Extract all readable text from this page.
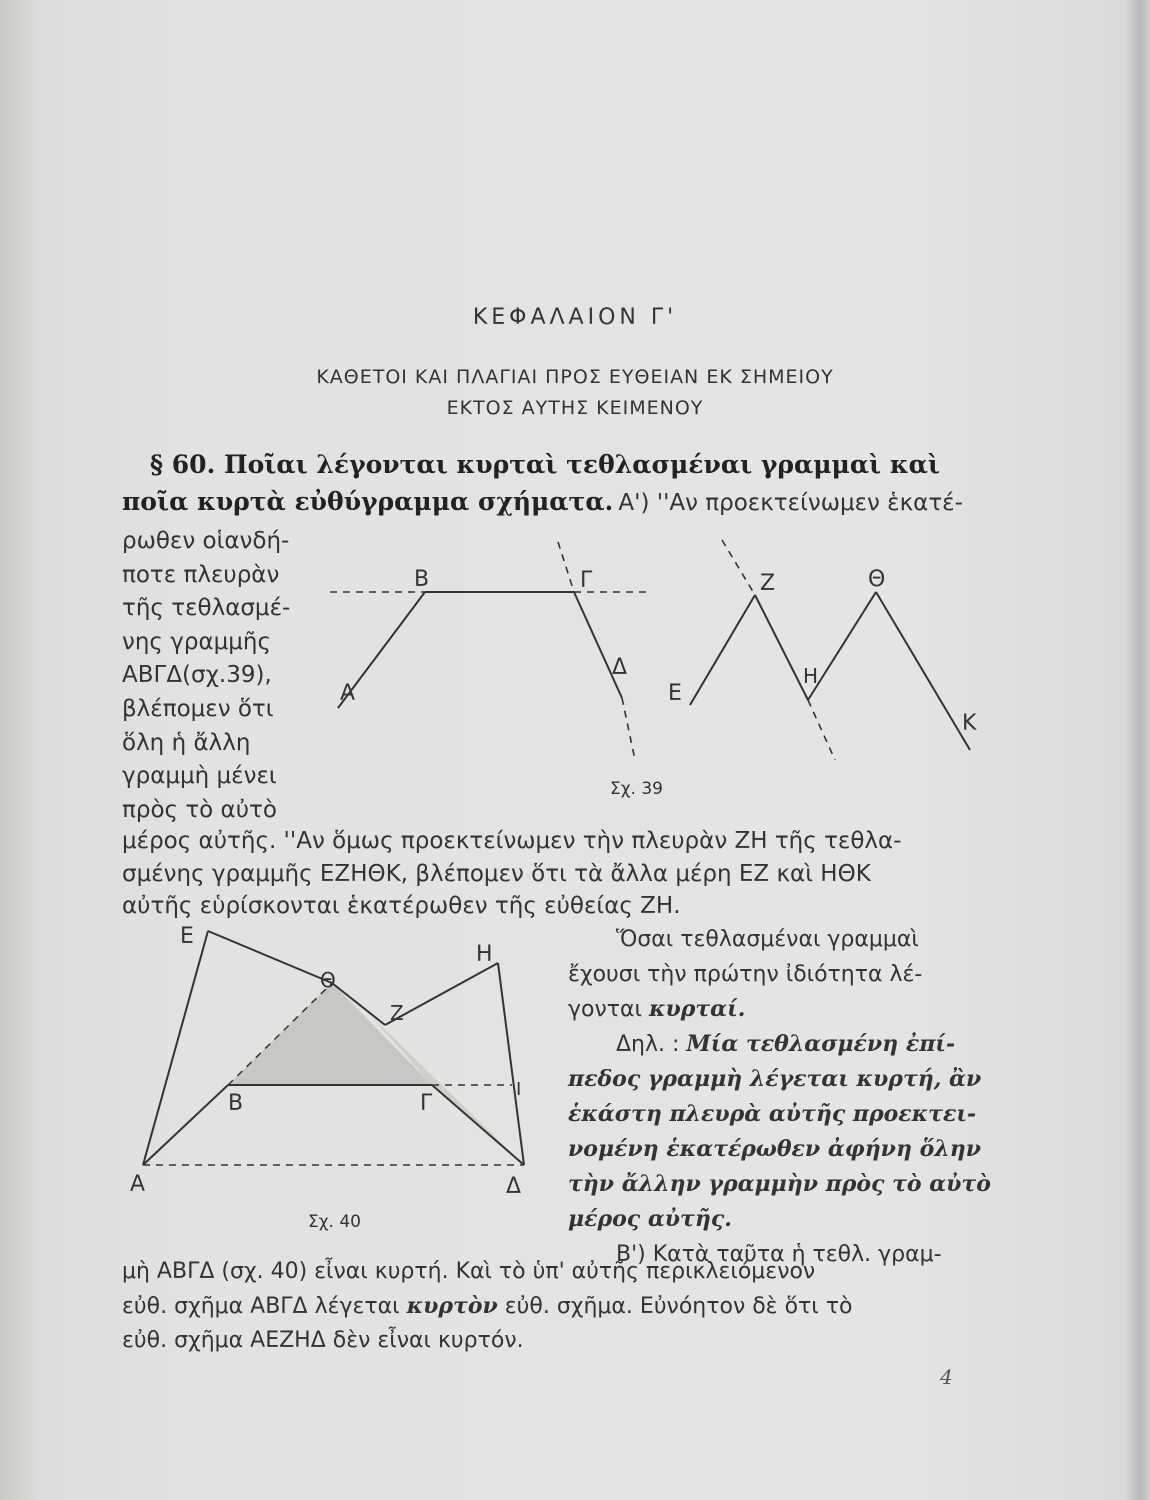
ΚΕΦΑΛΑΙΟΝ Γ'
ΚΑΘΕΤΟΙ ΚΑΙ ΠΛΑΓΙΑΙ ΠΡΟΣ ΕΥΘΕΙΑΝ ΕΚ ΣΗΜΕΙΟΥ
ΕΚΤΟΣ ΑΥΤΗΣ ΚΕΙΜΕΝΟΥ
§ 60. Ποῖαι λέγονται κυρταὶ τεθλασμέναι γραμμαὶ καὶ
ποῖα κυρτὰ εὐθύγραμμα σχήματα. Α') ''Αν προεκτείνωμεν ἑκατέ-
ρωθεν οἱανδή-
ποτε πλευρὰν
τῆς τεθλασμέ-
νης γραμμῆς
ΑΒΓΔ(σχ.39),
βλέπομεν ὅτι
ὅλη ἡ ἄλλη
γραμμὴ μένει
πρὸς τὸ αὐτὸ
Α
Β	Γ
Δ
Ε
Ζ
Η
Θ
Κ
Σχ. 39
μέρος αὐτῆς. ''Αν ὅμως προεκτείνωμεν τὴν πλευρὰν ΖΗ τῆς τεθλα-
σμένης γραμμῆς ΕΖΗΘΚ, βλέπομεν ὅτι τὰ ἄλλα μέρη ΕΖ καὶ ΗΘΚ
αὐτῆς εὑρίσκονται ἑκατέρωθεν τῆς εὐθείας ΖΗ.
Ε
Θ
Ζ
Η
Β	Γ
Ι
Α	Δ
Σχ. 40
Ὅσαι τεθλασμέναι γραμμαὶ
ἔχουσι τὴν πρώτην ἰδιότητα λέ-
γονται κυρταί.
Δηλ. : Μία τεθλασμένη ἐπί-
πεδος γραμμὴ λέγεται κυρτή, ἂν
ἑκάστη πλευρὰ αὐτῆς προεκτει-
νομένη ἑκατέρωθεν ἀφήνη ὅλην
τὴν ἄλλην γραμμὴν πρὸς τὸ αὐτὸ
μέρος αὐτῆς.
Β') Κατὰ ταῦτα ἡ τεθλ. γραμ-
μὴ ΑΒΓΔ (σχ. 40) εἶναι κυρτή. Καὶ τὸ ὑπ' αὐτῆς περικλειόμενον
εὐθ. σχῆμα ΑΒΓΔ λέγεται κυρτὸν εὐθ. σχῆμα. Εὐνόητον δὲ ὅτι τὸ
εὐθ. σχῆμα ΑΕΖΗΔ δὲν εἶναι κυρτόν.
4
